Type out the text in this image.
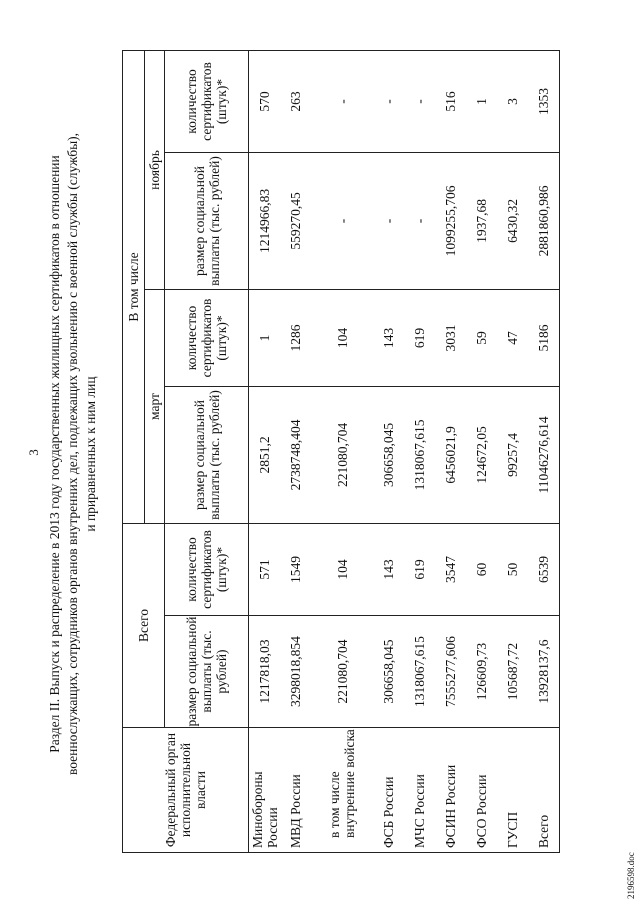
3 Раздел II. Выпуск и распределение в 2013 году государственных жилищных сертификатов в отношении военнослужащих, сотрудников органов внутренних дел, подлежащих увольнению с военной службы (службы), и приравненных к ним лиц
Федеральный орган исполнительной власти	Всего		В том числе			
			март		ноябрь	
	размер социальной выплаты (тыс. рублей)	количество сертификатов (штук)*	размер социальной выплаты (тыс. рублей)	количество сертификатов (штук)*	размер социальной выплаты (тыс. рублей)	количество сертификатов (штук)*
Минобороны России	1217818,03	571	2851,2	1	1214966,83	570
МВД России	3298018,854	1549	2738748,404	1286	559270,45	263
в том числе внутренние войска	221080,704	104	221080,704	104	-	-
ФСБ России	306658,045	143	306658,045	143	-	-
МЧС России	1318067,615	619	1318067,615	619	-	-
ФСИН России	7555277,606	3547	6456021,9	3031	1099255,706	516
ФСО России	126609,73	60	124672,05	59	1937,68	1
ГУСП	105687,72	50	99257,4	47	6430,32	3
Всего	13928137,6	6539	11046276,614	5186	2881860,986	1353
2196598.doc
